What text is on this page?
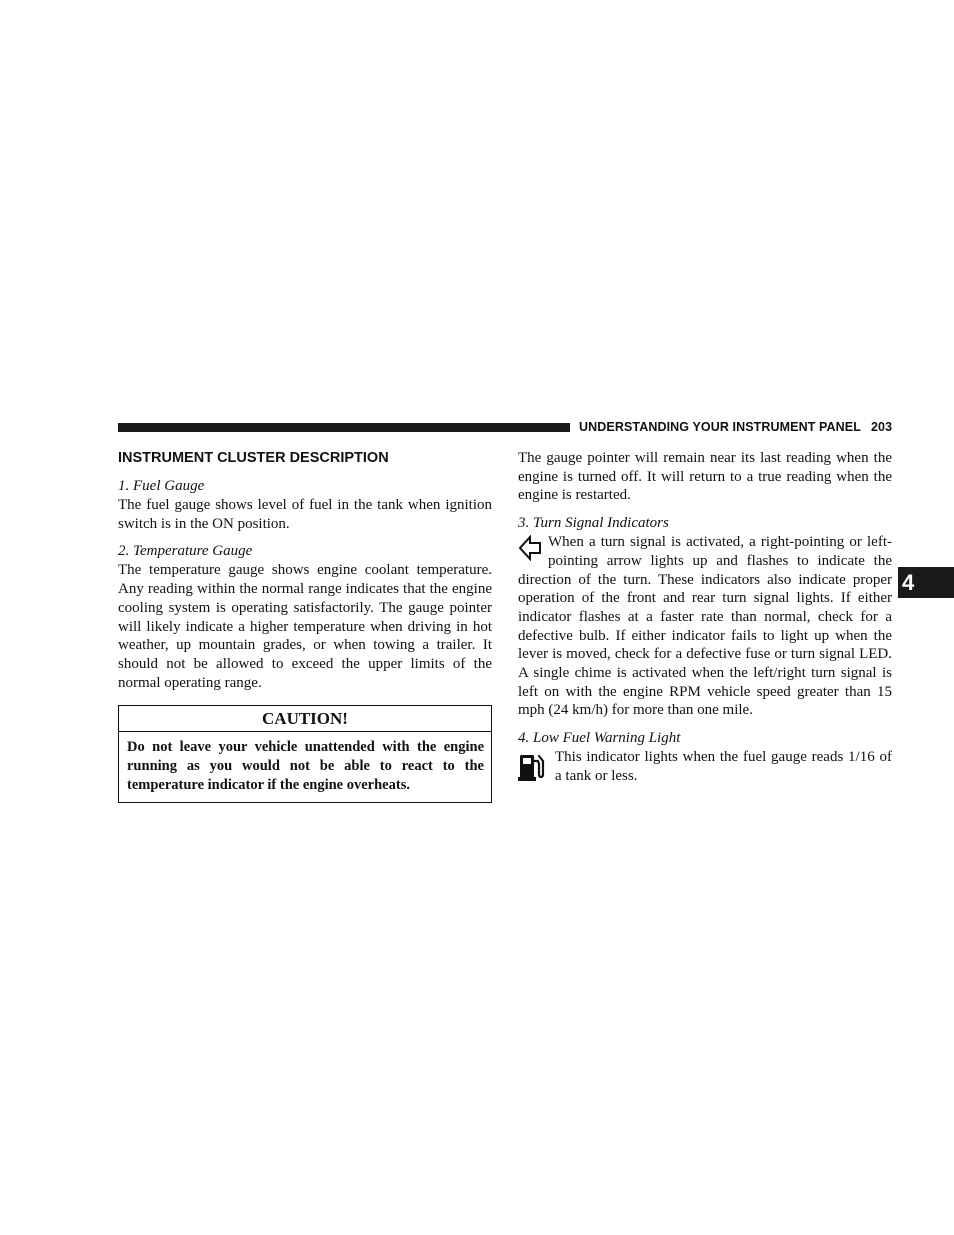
UNDERSTANDING YOUR INSTRUMENT PANEL 203
4
INSTRUMENT CLUSTER DESCRIPTION
1. Fuel Gauge

The fuel gauge shows level of fuel in the tank when ignition switch is in the ON position.

2. Temperature Gauge

The temperature gauge shows engine coolant temperature. Any reading within the normal range indicates that the engine cooling system is operating satisfactorily. The gauge pointer will likely indicate a higher temperature when driving in hot weather, up mountain grades, or when towing a trailer. It should not be allowed to exceed the upper limits of the normal operating range.

CAUTION!
Do not leave your vehicle unattended with the engine running as you would not be able to react to the temperature indicator if the engine overheats.

The gauge pointer will remain near its last reading when the engine is turned off. It will return to a true reading when the engine is restarted.

3. Turn Signal Indicators

When a turn signal is activated, a right-pointing or left-pointing arrow lights up and flashes to indicate the direction of the turn. These indicators also indicate proper operation of the front and rear turn signal lights. If either indicator flashes at a faster rate than normal, check for a defective bulb. If either indicator fails to light up when the lever is moved, check for a defective fuse or turn signal LED. A single chime is activated when the left/right turn signal is left on with the engine RPM vehicle speed greater than 15 mph (24 km/h) for more than one mile.

4. Low Fuel Warning Light

This indicator lights when the fuel gauge reads 1/16 of a tank or less.
